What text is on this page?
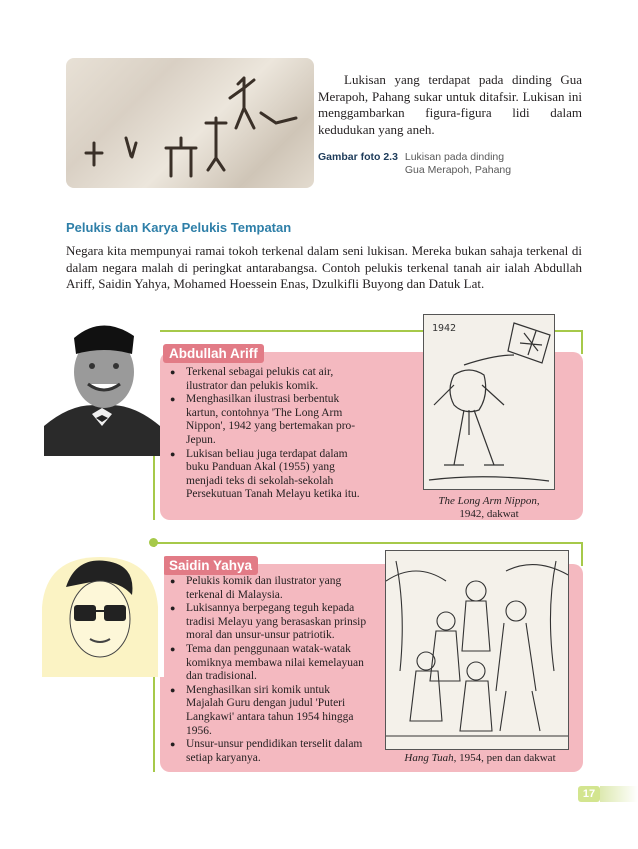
Lukisan yang terdapat pada dinding Gua Merapoh, Pahang sukar untuk ditafsir. Lukisan ini menggambarkan figura-figura lidi dalam kedudukan yang aneh.
Gambar foto 2.3 Lukisan pada dinding
Gua Merapoh, Pahang
Pelukis dan Karya Pelukis Tempatan
Negara kita mempunyai ramai tokoh terkenal dalam seni lukisan. Mereka bukan sahaja terkenal di dalam negara malah di peringkat antarabangsa. Contoh pelukis terkenal tanah air ialah Abdullah Ariff, Saidin Yahya, Mohamed Hoessein Enas, Dzulkifli Buyong dan Datuk Lat.
Abdullah Ariff
● Terkenal sebagai pelukis cat air, ilustrator dan pelukis komik.
● Menghasilkan ilustrasi berbentuk kartun, contohnya 'The Long Arm Nippon', 1942 yang bertemakan pro-Jepun.
● Lukisan beliau juga terdapat dalam buku Panduan Akal (1955) yang menjadi teks di sekolah-sekolah Persekutuan Tanah Melayu ketika itu.
1942
The Long Arm Nippon,
1942, dakwat
Saidin Yahya
● Pelukis komik dan ilustrator yang terkenal di Malaysia.
● Lukisannya berpegang teguh kepada tradisi Melayu yang berasaskan prinsip moral dan unsur-unsur patriotik.
● Tema dan penggunaan watak-watak komiknya membawa nilai kemelayuan dan tradisional.
● Menghasilkan siri komik untuk Majalah Guru dengan judul 'Puteri Langkawi' antara tahun 1954 hingga 1956.
● Unsur-unsur pendidikan terselit dalam setiap karyanya.	Hang Tuah, 1954, pen dan dakwat
17
